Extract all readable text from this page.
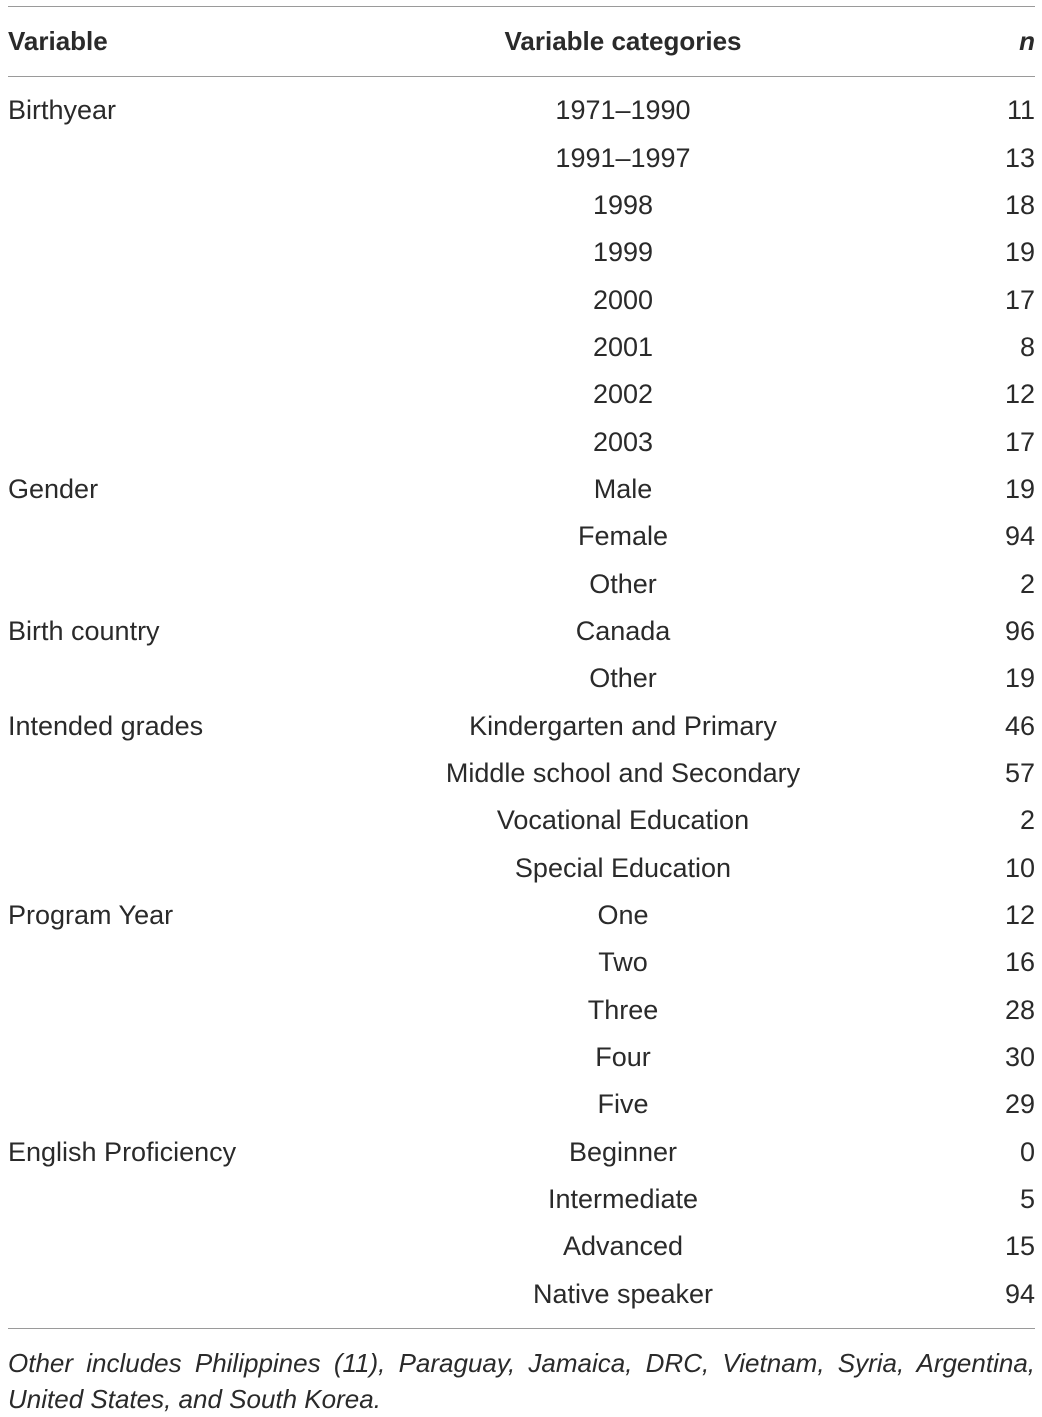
Variable	Variable categories	n
Birthyear	1971–1990	11
	1991–1997	13
	1998	18
	1999	19
	2000	17
	2001	8
	2002	12
	2003	17
Gender	Male	19
	Female	94
	Other	2
Birth country	Canada	96
	Other	19
Intended grades	Kindergarten and Primary	46
	Middle school and Secondary	57
	Vocational Education	2
	Special Education	10
Program Year	One	12
	Two	16
	Three	28
	Four	30
	Five	29
English Proficiency	Beginner	0
	Intermediate	5
	Advanced	15
	Native speaker	94
Other includes Philippines (11), Paraguay, Jamaica, DRC, Vietnam, Syria, Argentina, United States, and South Korea.
